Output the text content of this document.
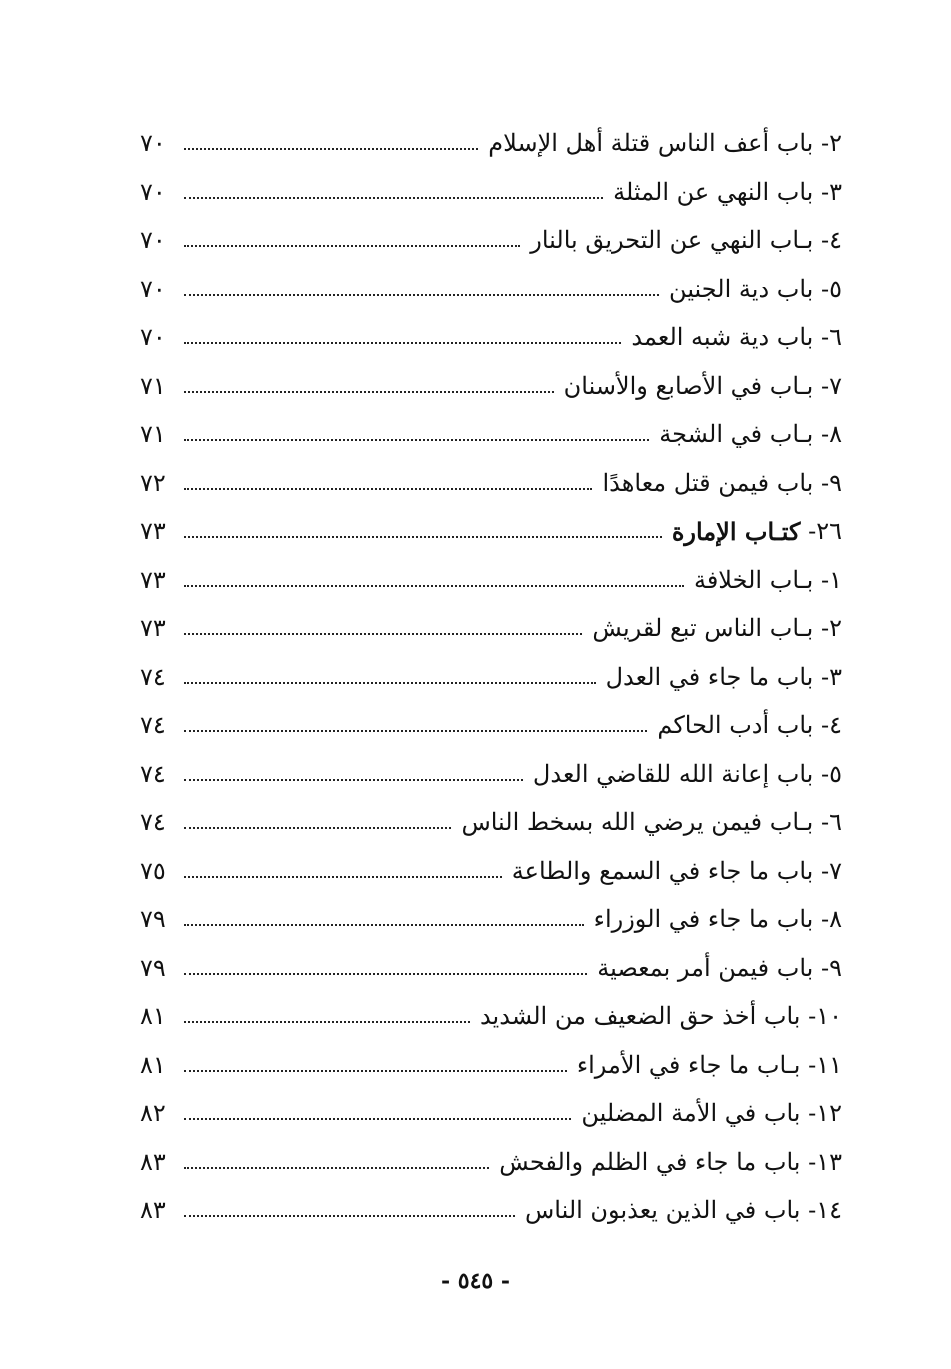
٢-

باب أعف الناس قتلة أهل الإسلام
٧٠
٣-

باب النهي عن المثلة
٧٠
٤-

بـاب النهي عن التحريق بالنار
٧٠
٥-

باب دية الجنين
٧٠
٦-

باب دية شبه العمد
٧٠
٧-

بـاب في الأصابع والأسنان
٧١
٨-

بـاب في الشجة
٧١
٩-

باب فيمن قتل معاهدًا
٧٢
٢٦-

كتـاب الإمارة
٧٣
١-

بـاب الخلافة
٧٣
٢-

بـاب الناس تبع لقريش
٧٣
٣-

باب ما جاء في العدل
٧٤
٤-

باب أدب الحاكم
٧٤
٥-

باب إعانة الله للقاضي العدل
٧٤
٦-

بـاب فيمن يرضي الله بسخط الناس
٧٤
٧-

باب ما جاء في السمع والطاعة
٧٥
٨-

باب ما جاء في الوزراء
٧٩
٩-

باب فيمن أمر بمعصية
٧٩
١٠-

باب أخذ حق الضعيف من الشديد
٨١
١١-

بـاب ما جاء في الأمراء
٨١
١٢-

باب في الأمة المضلين
٨٢
١٣-

باب ما جاء في الظلم والفحش
٨٣
١٤-

باب في الذين يعذبون الناس
٨٣
- ٥٤٥ -
